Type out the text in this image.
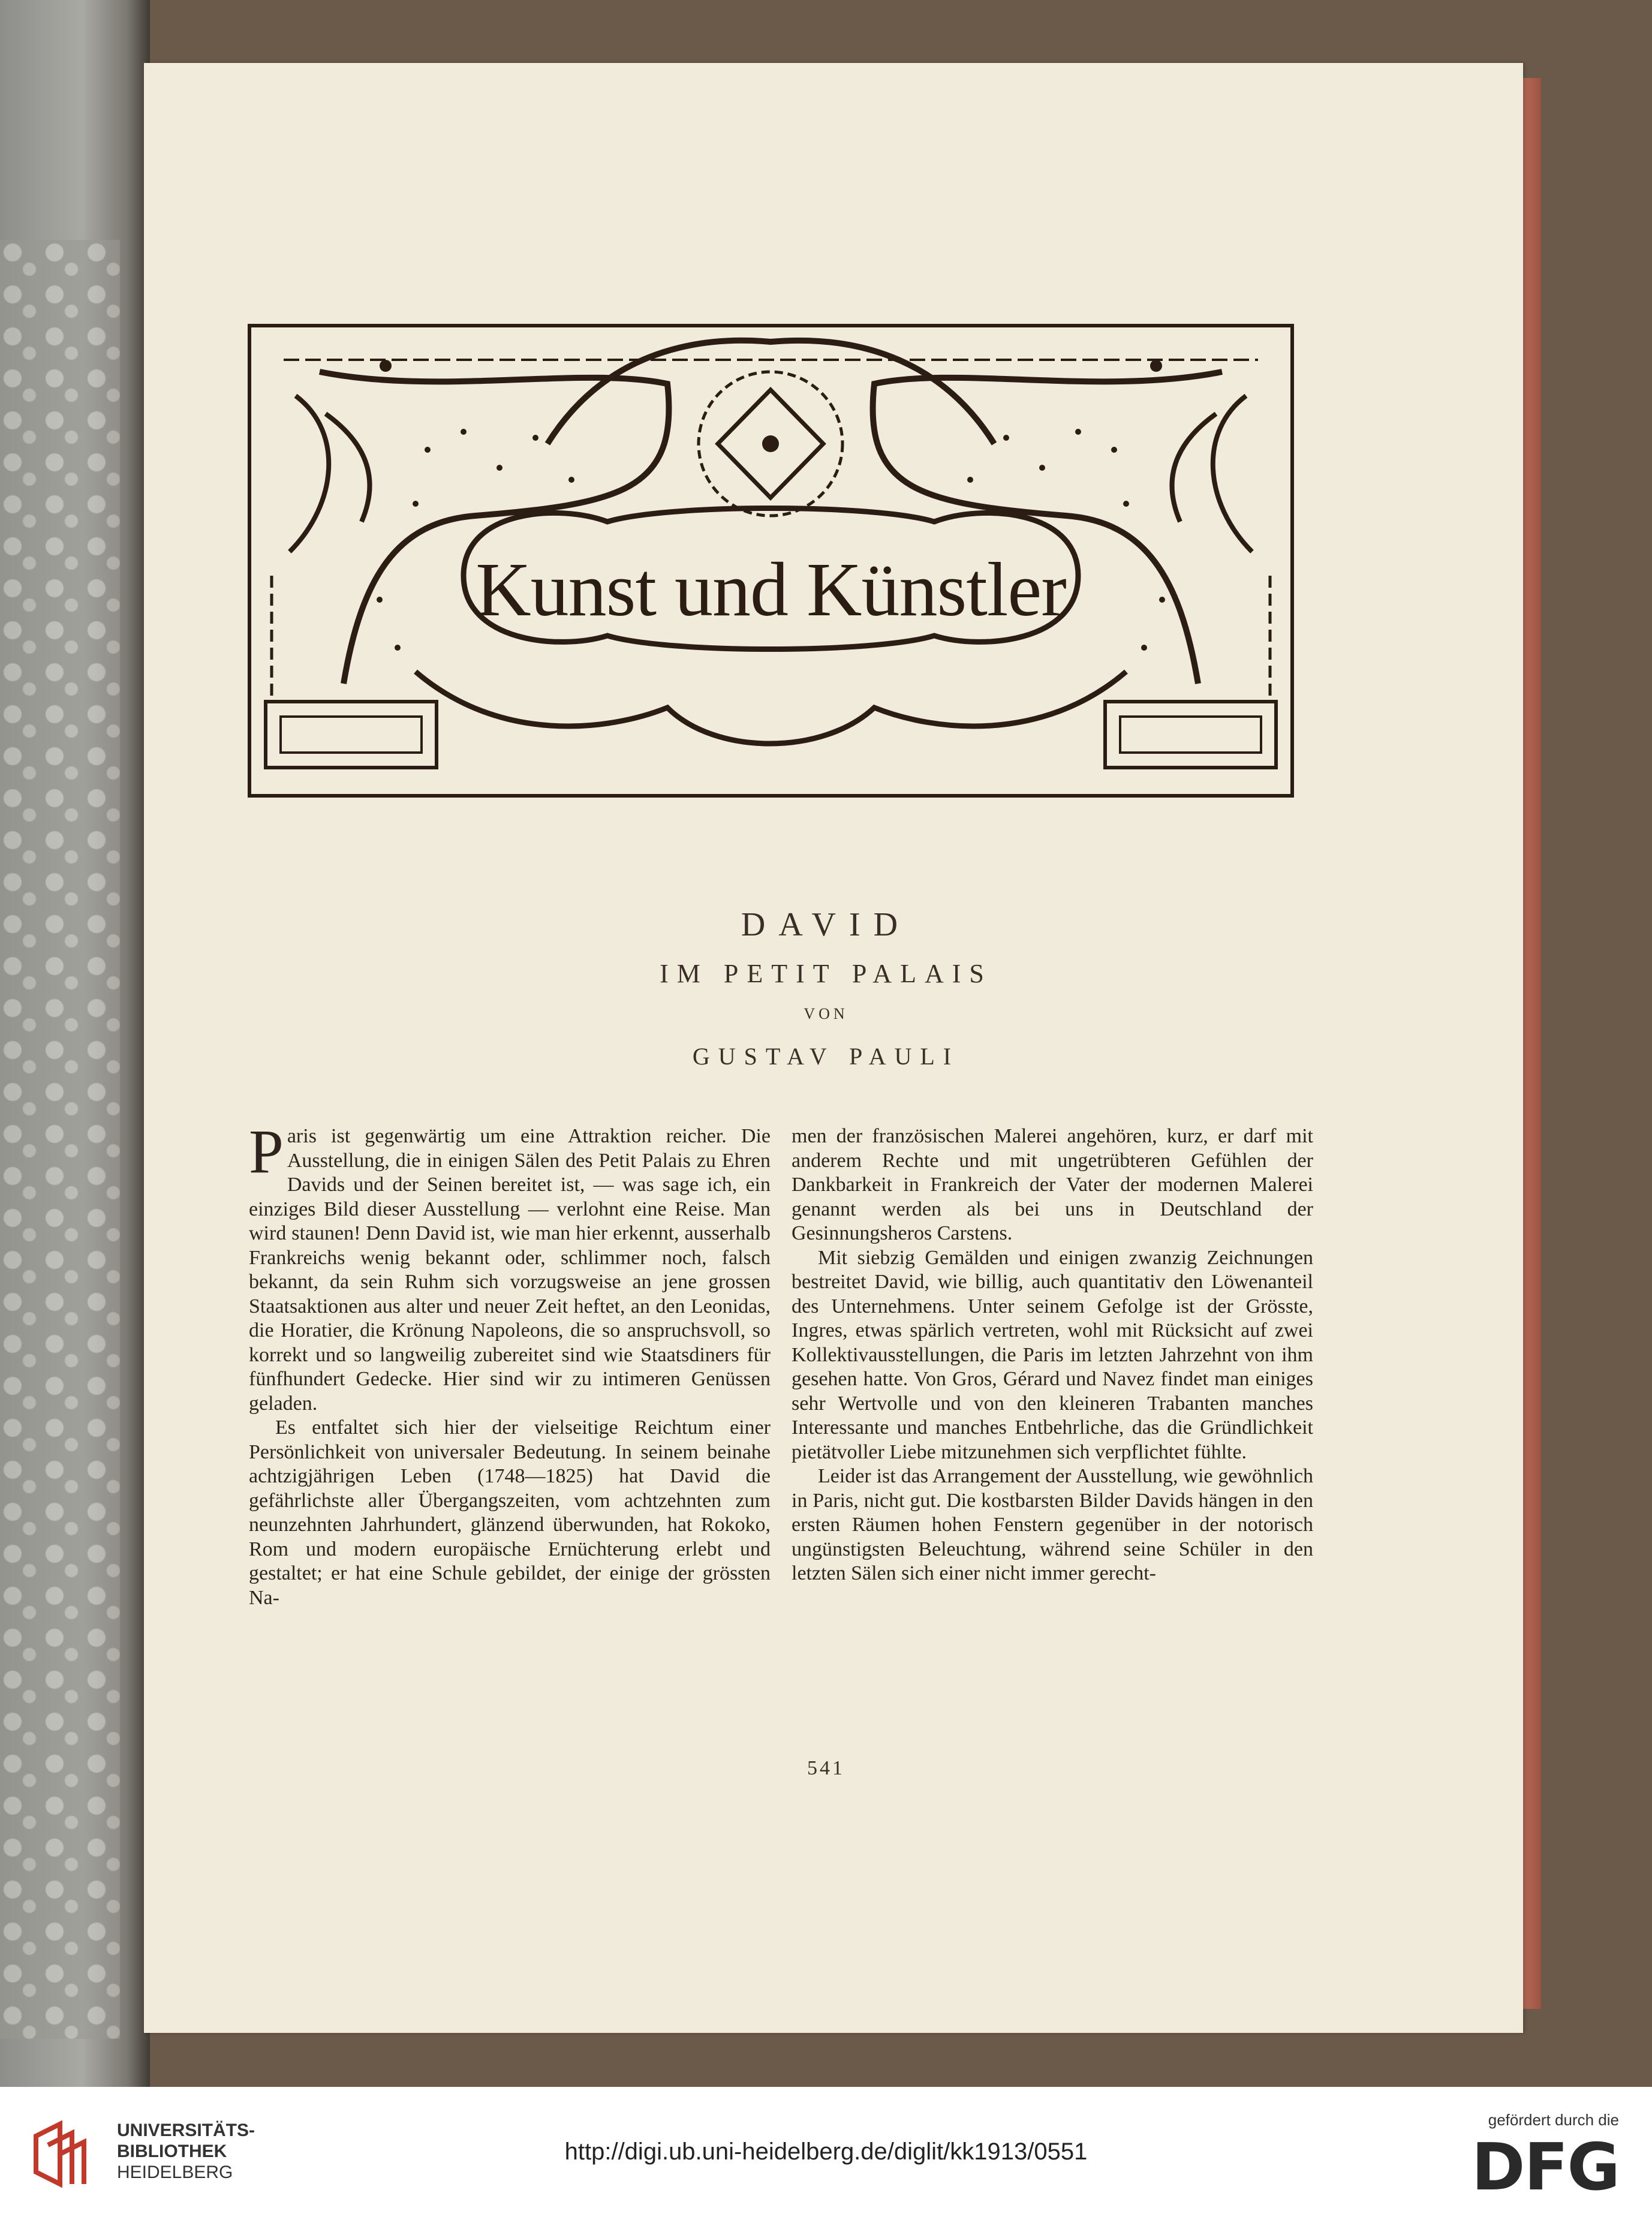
Kunst und Künstler
DAVID
IM PETIT PALAIS
VON
GUSTAV PAULI

Paris ist gegenwärtig um eine Attraktion reicher. Die Ausstellung, die in einigen Sälen des Petit Palais zu Ehren Davids und der Seinen bereitet ist, — was sage ich, ein einziges Bild dieser Ausstellung — verlohnt eine Reise. Man wird staunen! Denn David ist, wie man hier erkennt, ausserhalb Frankreichs wenig bekannt oder, schlimmer noch, falsch bekannt, da sein Ruhm sich vorzugsweise an jene grossen Staatsaktionen aus alter und neuer Zeit heftet, an den Leonidas, die Horatier, die Krönung Napoleons, die so anspruchsvoll, so korrekt und so langweilig zubereitet sind wie Staatsdiners für fünfhundert Gedecke. Hier sind wir zu intimeren Genüssen geladen.

Es entfaltet sich hier der vielseitige Reichtum einer Persönlichkeit von universaler Bedeutung. In seinem beinahe achtzigjährigen Leben (1748—1825) hat David die gefährlichste aller Übergangszeiten, vom achtzehnten zum neunzehnten Jahrhundert, glänzend überwunden, hat Rokoko, Rom und modern europäische Ernüchterung erlebt und gestaltet; er hat eine Schule gebildet, der einige der grössten Na-

men der französischen Malerei angehören, kurz, er darf mit anderem Rechte und mit ungetrübteren Gefühlen der Dankbarkeit in Frankreich der Vater der modernen Malerei genannt werden als bei uns in Deutschland der Gesinnungsheros Carstens.

Mit siebzig Gemälden und einigen zwanzig Zeichnungen bestreitet David, wie billig, auch quantitativ den Löwenanteil des Unternehmens. Unter seinem Gefolge ist der Grösste, Ingres, etwas spärlich vertreten, wohl mit Rücksicht auf zwei Kollektivausstellungen, die Paris im letzten Jahrzehnt von ihm gesehen hatte. Von Gros, Gérard und Navez findet man einiges sehr Wertvolle und von den kleineren Trabanten manches Interessante und manches Entbehrliche, das die Gründlichkeit pietätvoller Liebe mitzunehmen sich verpflichtet fühlte.

Leider ist das Arrangement der Ausstellung, wie gewöhnlich in Paris, nicht gut. Die kostbarsten Bilder Davids hängen in den ersten Räumen hohen Fenstern gegenüber in der notorisch ungünstigsten Beleuchtung, während seine Schüler in den letzten Sälen sich einer nicht immer gerecht-

541
UNIVERSITÄTS-
BIBLIOTHEK
HEIDELBERG
http://digi.ub.uni-heidelberg.de/diglit/kk1913/0551
gefördert durch die
DFG
